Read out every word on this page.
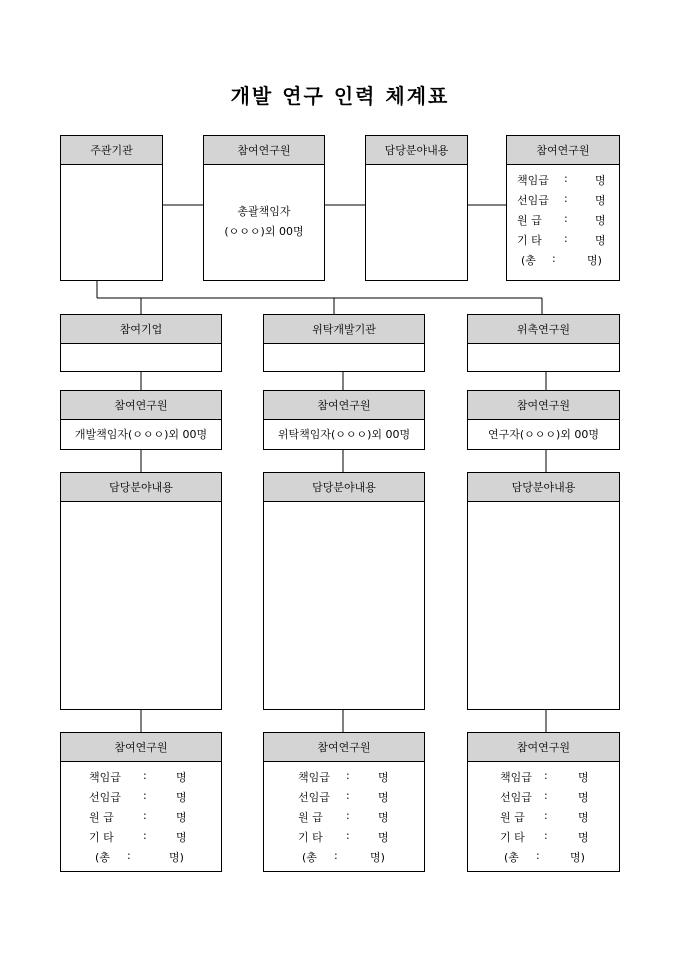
개발 연구 인력 체계표
주관기관	참여연구원
총괄책임자
(ㅇㅇㅇ)외 00명
담당분야내용	참여연구원
책임급 : 명
선임급 : 명
원 급 : 명
기 타 : 명
(총 :	명)
참여기업
참여연구원
개발책임자(ㅇㅇㅇ)외 00명
담당분야내용
참여연구원
책임급 :	명
선임급 :	명
원 급	:	명
기 타	:	명
(총 :	명)
위탁개발기관
참여연구원
위탁책임자(ㅇㅇㅇ)외 00명
담당분야내용
참여연구원
책임급 :	명
선임급 :	명
원 급 :	명
기 타 :	명
(총 :	명)
위촉연구원
참여연구원
연구자(ㅇㅇㅇ)외 00명
담당분야내용
참여연구원
책임급 :	명
선임급 :	명
원 급 :	명
기 타 :	명
(총 :	명)
